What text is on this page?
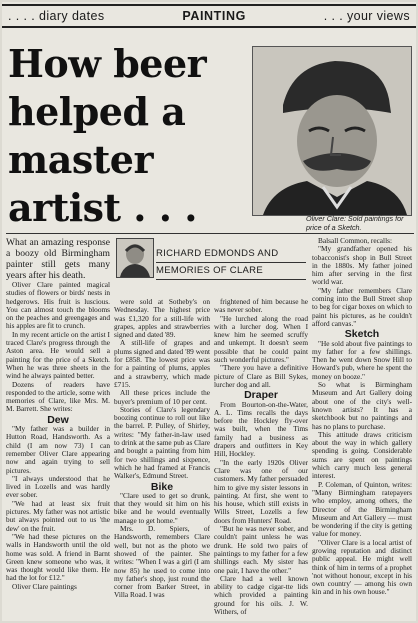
. . . . diary dates	PAINTING	. . . your views
How beer
helped a
master
artist . . .	Oliver Clare: Sold paintings for price of a Sketch.
RICHARD EDMONDS AND
MEMORIES OF CLARE

What an amazing response a boozy old Birmingham painter still gets many years after his death.

Oliver Clare painted magical studies of flowers or birds' nests in hedgerows. His fruit is luscious. You can almost touch the blooms on the peaches and greengages and his apples are fit to crunch.

In my recent article on the artist I traced Clare's progress through the Aston area. He would sell a painting for the price of a Sketch. When he was three sheets in the wind he always painted better.

Dozens of readers have responded to the article, some with memories of Clare, like Mrs. M. M. Barrett. She writes:

Dew

"My father was a builder in Hutton Road, Handsworth. As a child (I am now 73) I can remember Oliver Clare appearing now and again trying to sell pictures.

"I always understood that he lived in Lozells and was hardly ever sober.

"We had at least six fruit pictures. My father was not artistic but always pointed out to us 'the dew' on the fruit.

"We had these pictures on the walls in Handsworth until the old home was sold. A friend in Barnt Green knew someone who was, it was thought would like them. He had the lot for £12."

Oliver Clare paintings

were sold at Sotheby's on Wednesday. The highest price was £1,320 for a still-life with grapes, apples and strawberries signed and dated '89.

A still-life of grapes and plums signed and dated '89 went for £858. The lowest price was for a painting of plums, apples and a strawberry, which made £715.

All these prices include the buyer's premium of 10 per cent.

Stories of Clare's legendary boozing continue to roll out like the barrel. P. Pulley, of Shirley, writes: "My father-in-law used to drink at the same pub as Clare and bought a painting from him for two shillings and sixpence, which he had framed at Francis Walker's, Edmund Street.

Bike

"Clare used to get so drunk, that they would sit him on his bike and he would eventually manage to get home."

Mrs. D. Spiers, of Handsworth, remembers Clare well, but not as the photo we showed of the painter. She writes: "When I was a girl (I am now 85) he used to come into my father's shop, just round the corner from Barker Street, in Villa Road. I was

frightened of him because he was never sober.

"He lurched along the road with a lurcher dog. When I knew him he seemed scruffy and unkempt. It doesn't seem possible that he could paint such wonderful pictures."

"There you have a definitive picture of Clare as Bill Sykes, lurcher dog and all.

Draper

From Bourton-on-the-Water, A. L. Tims recalls the days before the Hockley fly-over was built, when the Tims family had a business as drapers and outfitters in Key Hill, Hockley.

"In the early 1920s Oliver Clare was one of our customers. My father persuaded him to give my sister lessons in painting. At first, she went to his house, which still exists in Wills Street, Lozells a few doors from Hunters' Road.

"But he was never sober, and couldn't paint unless he was drunk. He sold two pairs of paintings to my father for a few shillings each. My sister has one pair, I have the other."

Clare had a well known ability to cadge cigar-tte lids which provided a painting ground for his oils. J. W. Withers, of

Balsall Common, recalls:

"My grandfather opened his tobacconist's shop in Bull Street in the 1880s. My father joined him after serving in the first world war.

"My father remembers Clare coming into the Bull Street shop to beg for cigar boxes on which to paint his pictures, as he couldn't afford canvas."

Sketch

"He sold about five paintings to my father for a few shillings. Then he went down Snow Hill to Howard's pub, where he spent the money on booze."

So what is Birmingham Museum and Art Gallery doing about one of the city's well-known artists? It has a sketchbook but no paintings and has no plans to purchase.

This attitude draws criticism about the way in which gallery spending is going. Considerable sums are spent on paintings which carry much less general interest.

P. Coleman, of Quinton, writes: "Many Birmingham ratepayers who employ, among others, the Director of the Birmingham Museum and Art Gallery — must be wondering if the city is getting value for money.

"Oliver Clare is a local artist of growing reputation and distinct public appeal. He might well think of him in terms of a prophet 'not without honour, except in his own country' — among his own kin and in his own house."
